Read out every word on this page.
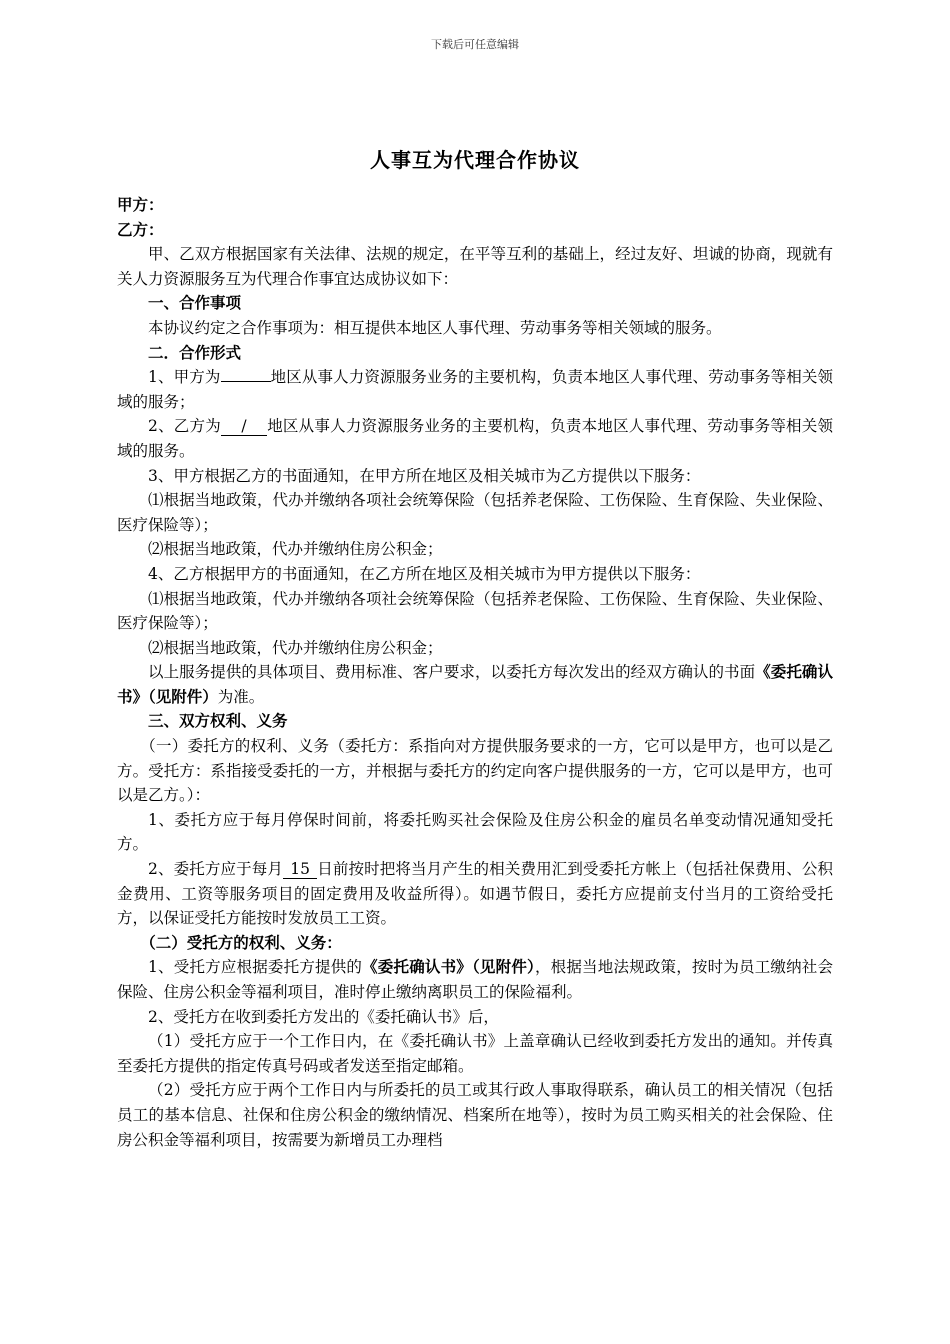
下载后可任意编辑
人事互为代理合作协议

甲方：

乙方：

甲、乙双方根据国家有关法律、法规的规定，在平等互利的基础上，经过友好、坦诚的协商，现就有关人力资源服务互为代理合作事宜达成协议如下：

一、合作事项

本协议约定之合作事项为：相互提供本地区人事代理、劳动事务等相关领域的服务。

二．合作形式

1、甲方为	地区从事人力资源服务业务的主要机构，负责本地区人事代理、劳动事务等相关领域的服务；

2、乙方为 / 地区从事人力资源服务业务的主要机构，负责本地区人事代理、劳动事务等相关领域的服务。

3、甲方根据乙方的书面通知，在甲方所在地区及相关城市为乙方提供以下服务：

⑴根据当地政策，代办并缴纳各项社会统筹保险（包括养老保险、工伤保险、生育保险、失业保险、医疗保险等）；

⑵根据当地政策，代办并缴纳住房公积金；

4、乙方根据甲方的书面通知，在乙方所在地区及相关城市为甲方提供以下服务：

⑴根据当地政策，代办并缴纳各项社会统筹保险（包括养老保险、工伤保险、生育保险、失业保险、医疗保险等）；

⑵根据当地政策，代办并缴纳住房公积金；

以上服务提供的具体项目、费用标准、客户要求，以委托方每次发出的经双方确认的书面《委托确认书》（见附件）为准。

三、双方权利、义务

（一）委托方的权利、义务（委托方：系指向对方提供服务要求的一方，它可以是甲方，也可以是乙方。受托方：系指接受委托的一方，并根据与委托方的约定向客户提供服务的一方，它可以是甲方，也可以是乙方。）：

1、委托方应于每月停保时间前，将委托购买社会保险及住房公积金的雇员名单变动情况通知受托方。

2、委托方应于每月 15 日前按时把将当月产生的相关费用汇到受委托方帐上（包括社保费用、公积金费用、工资等服务项目的固定费用及收益所得）。如遇节假日，委托方应提前支付当月的工资给受托方，以保证受托方能按时发放员工工资。

（二）受托方的权利、义务：

1、受托方应根据委托方提供的《委托确认书》（见附件），根据当地法规政策，按时为员工缴纳社会保险、住房公积金等福利项目，准时停止缴纳离职员工的保险福利。

2、受托方在收到委托方发出的《委托确认书》后，

（1）受托方应于一个工作日内，在《委托确认书》上盖章确认已经收到委托方发出的通知。并传真至委托方提供的指定传真号码或者发送至指定邮箱。

（2）受托方应于两个工作日内与所委托的员工或其行政人事取得联系，确认员工的相关情况（包括员工的基本信息、社保和住房公积金的缴纳情况、档案所在地等），按时为员工购买相关的社会保险、住房公积金等福利项目，按需要为新增员工办理档
